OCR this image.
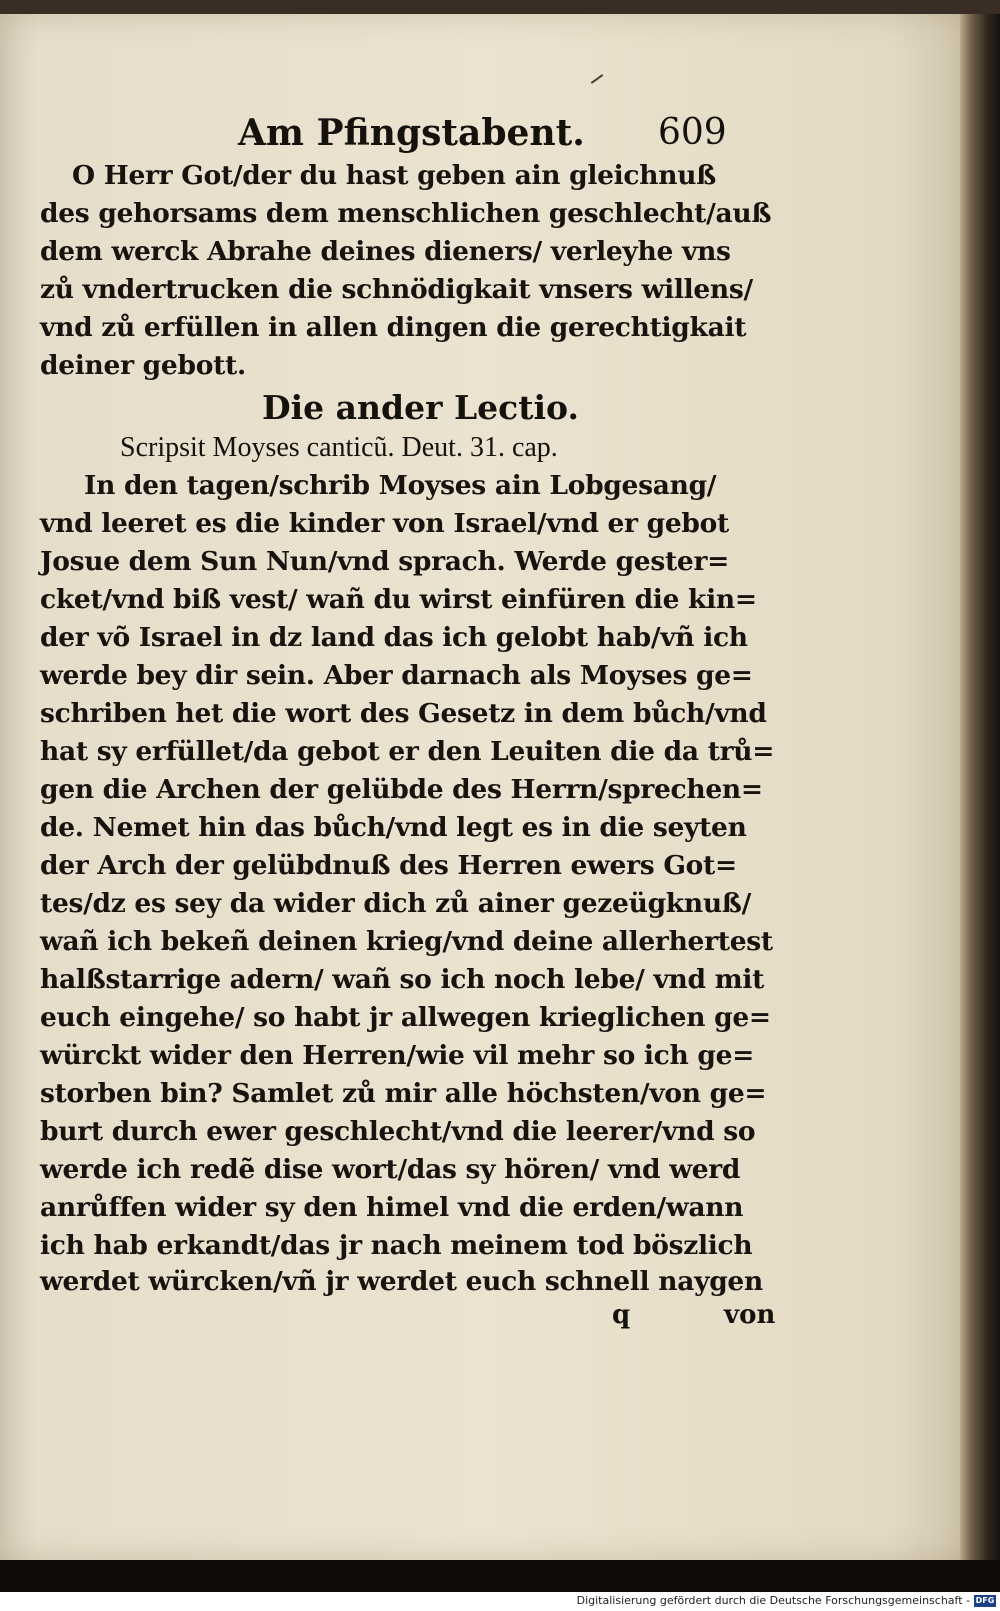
Am Pfingstabent. 609
O Herr Got/der du hast geben ain gleichnuß
des gehorsams dem menschlichen geschlecht/auß
dem werck Abrahe deines dieners/ verleyhe vns
zů vndertrucken die schnödigkait vnsers willens/
vnd zů erfüllen in allen dingen die gerechtigkait
deiner gebott.
Die ander Lectio.
Scripsit Moyses canticũ. Deut. 31. cap.
In den tagen/schrib Moyses ain Lobgesang/
vnd leeret es die kinder von Israel/vnd er gebot
Josue dem Sun Nun/vnd sprach. Werde gester=
cket/vnd biß vest/ wañ du wirst einfüren die kin=
der võ Israel in dz land das ich gelobt hab/vñ ich
werde bey dir sein. Aber darnach als Moyses ge=
schriben het die wort des Gesetz in dem bůch/vnd
hat sy erfüllet/da gebot er den Leuiten die da trů=
gen die Archen der gelübde des Herrn/sprechen=
de. Nemet hin das bůch/vnd legt es in die seyten
der Arch der gelübdnuß des Herren ewers Got=
tes/dz es sey da wider dich zů ainer gezeügknuß/
wañ ich bekeñ deinen krieg/vnd deine allerhertest
halßstarrige adern/ wañ so ich noch lebe/ vnd mit
euch eingehe/ so habt jr allwegen krieglichen ge=
würckt wider den Herren/wie vil mehr so ich ge=
storben bin? Samlet zů mir alle höchsten/von ge=
burt durch ewer geschlecht/vnd die leerer/vnd so
werde ich redẽ dise wort/das sy hören/ vnd werd
anrůffen wider sy den himel vnd die erden/wann
ich hab erkandt/das jr nach meinem tod böszlich
werdet würcken/vñ jr werdet euch schnell naygen
q	von
Digitalisierung gefördert durch die Deutsche Forschungsgemeinschaft - DFG
